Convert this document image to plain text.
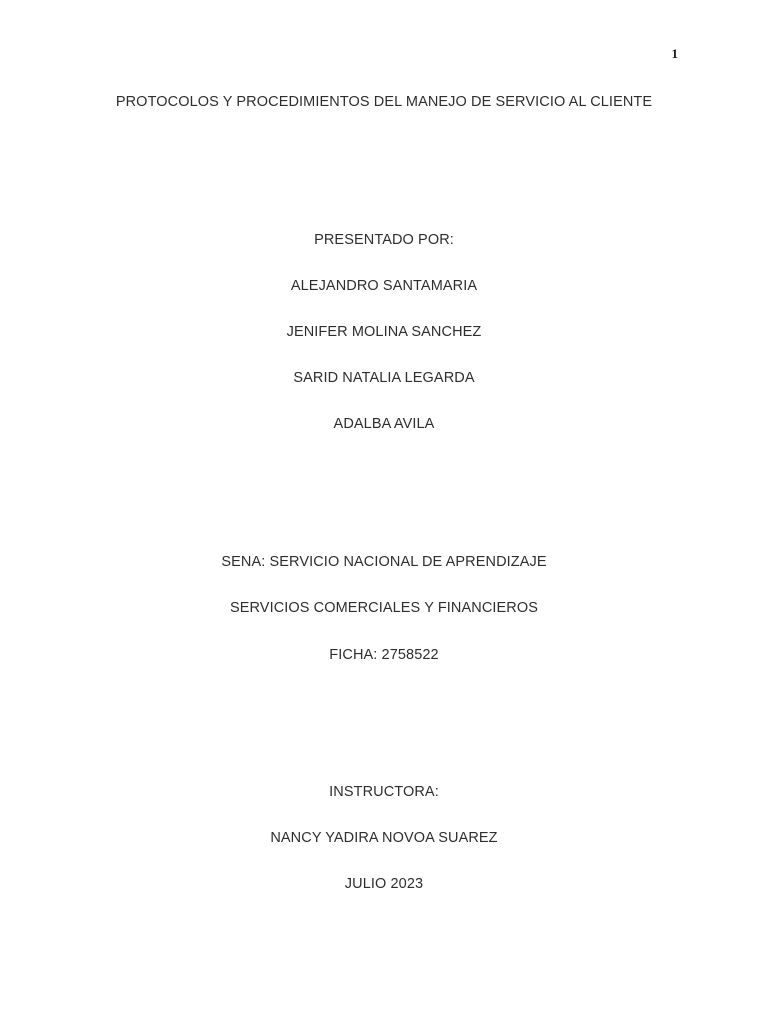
1
PROTOCOLOS Y PROCEDIMIENTOS DEL MANEJO DE SERVICIO AL CLIENTE
PRESENTADO POR:
ALEJANDRO SANTAMARIA
JENIFER MOLINA SANCHEZ
SARID NATALIA LEGARDA
ADALBA AVILA
SENA: SERVICIO NACIONAL DE APRENDIZAJE
SERVICIOS COMERCIALES Y FINANCIEROS
FICHA: 2758522
INSTRUCTORA:
NANCY YADIRA NOVOA SUAREZ
JULIO 2023
